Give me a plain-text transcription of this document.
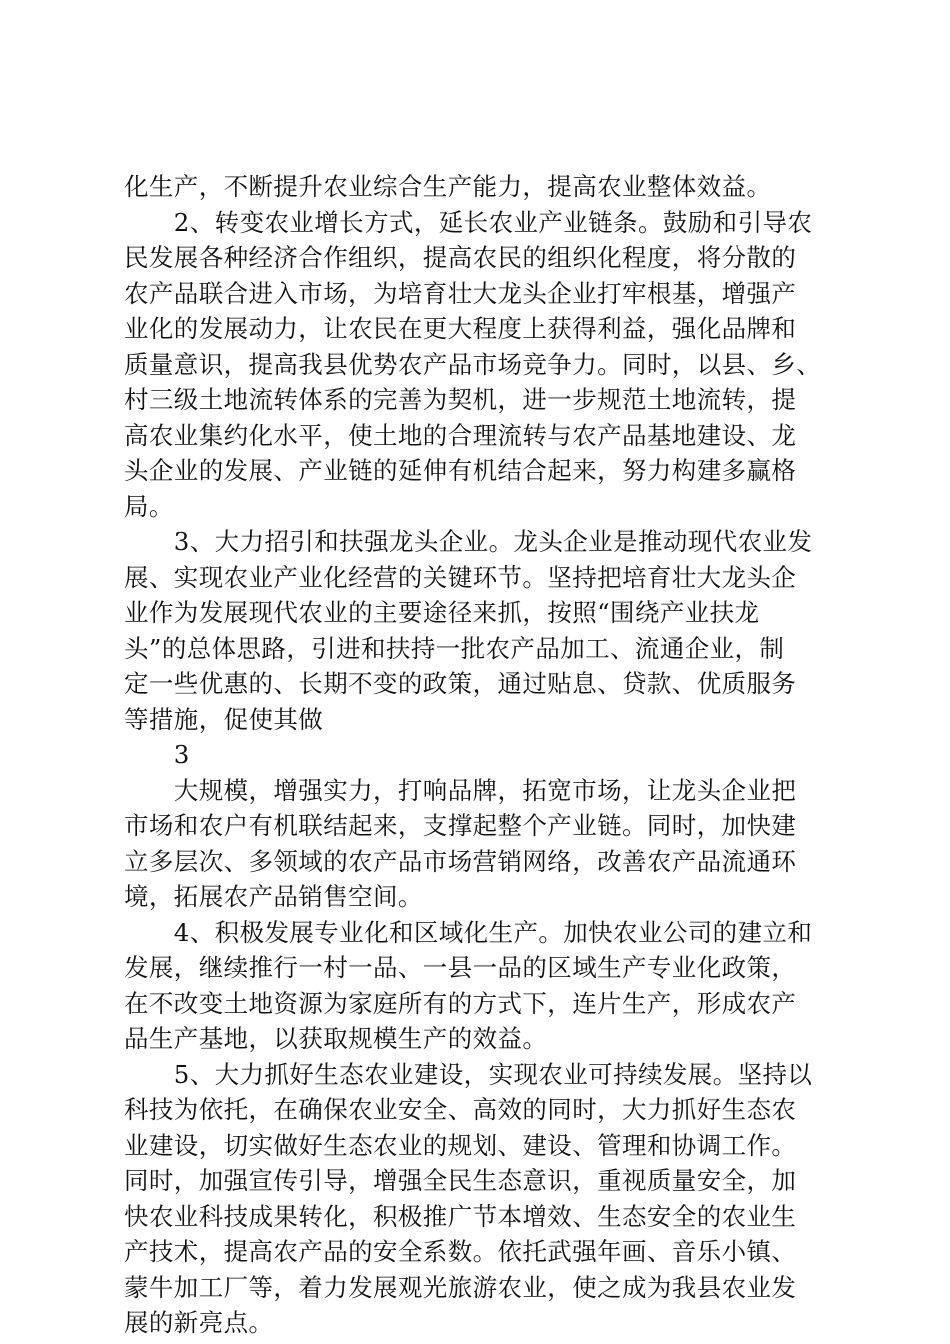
化生产，不断提升农业综合生产能力，提高农业整体效益。
　　2、转变农业增长方式，延长农业产业链条。鼓励和引导农
民发展各种经济合作组织，提高农民的组织化程度，将分散的
农产品联合进入市场，为培育壮大龙头企业打牢根基，增强产
业化的发展动力，让农民在更大程度上获得利益，强化品牌和
质量意识，提高我县优势农产品市场竞争力。同时，以县、乡、
村三级土地流转体系的完善为契机，进一步规范土地流转，提
高农业集约化水平，使土地的合理流转与农产品基地建设、龙
头企业的发展、产业链的延伸有机结合起来，努力构建多赢格
局。
　　3、大力招引和扶强龙头企业。龙头企业是推动现代农业发
展、实现农业产业化经营的关键环节。坚持把培育壮大龙头企
业作为发展现代农业的主要途径来抓，按照“围绕产业扶龙
头”的总体思路，引进和扶持一批农产品加工、流通企业，制
定一些优惠的、长期不变的政策，通过贴息、贷款、优质服务
等措施，促使其做
　　3
　　大规模，增强实力，打响品牌，拓宽市场，让龙头企业把
市场和农户有机联结起来，支撑起整个产业链。同时，加快建
立多层次、多领域的农产品市场营销网络，改善农产品流通环
境，拓展农产品销售空间。
　　4、积极发展专业化和区域化生产。加快农业公司的建立和
发展，继续推行一村一品、一县一品的区域生产专业化政策，
在不改变土地资源为家庭所有的方式下，连片生产，形成农产
品生产基地，以获取规模生产的效益。
　　5、大力抓好生态农业建设，实现农业可持续发展。坚持以
科技为依托，在确保农业安全、高效的同时，大力抓好生态农
业建设，切实做好生态农业的规划、建设、管理和协调工作。
同时，加强宣传引导，增强全民生态意识，重视质量安全，加
快农业科技成果转化，积极推广节本增效、生态安全的农业生
产技术，提高农产品的安全系数。依托武强年画、音乐小镇、
蒙牛加工厂等，着力发展观光旅游农业，使之成为我县农业发
展的新亮点。
